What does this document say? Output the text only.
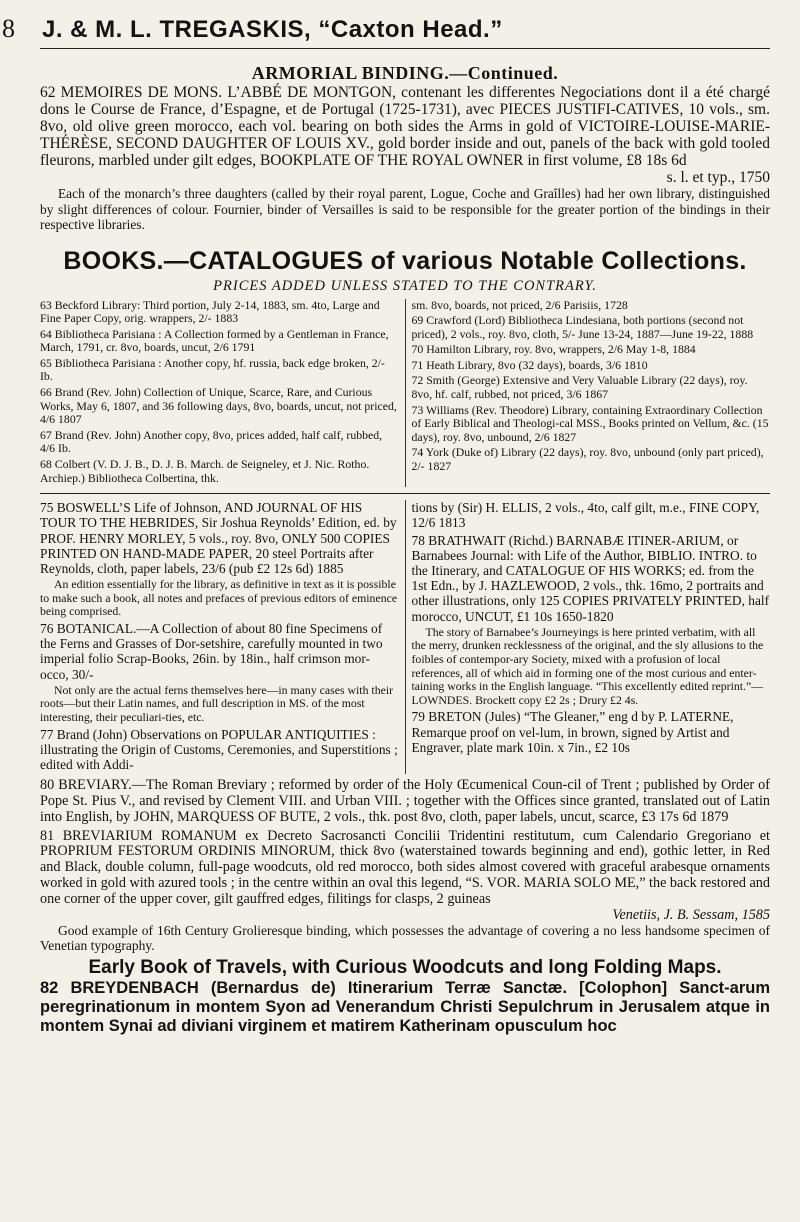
8	J. & M. L. TREGASKIS, “Caxton Head.”
ARMORIAL BINDING.—Continued.

62 MEMOIRES DE MONS. L’ABBÉ DE MONTGON, contenant les differentes Negociations dont il a été chargé dons le Course de France, d’Espagne, et de Portugal (1725-1731), avec PIECES JUSTIFI-CATIVES, 10 vols., sm. 8vo, old olive green morocco, each vol. bearing on both sides the Arms in gold of VICTOIRE-LOUISE-MARIE-THÉRÈSE, SECOND DAUGHTER OF LOUIS XV., gold border inside and out, panels of the back with gold tooled fleurons, marbled under gilt edges, BOOKPLATE OF THE ROYAL OWNER in first volume, £8 18s 6d

s. l. et typ., 1750

Each of the monarch’s three daughters (called by their royal parent, Logue, Coche and Graîlles) had her own library, distinguished by slight differences of colour. Fournier, binder of Versailles is said to be responsible for the greater portion of the bindings in their respective libraries.

BOOKS.—CATALOGUES of various Notable Collections.
PRICES ADDED UNLESS STATED TO THE CONTRARY.

63 Beckford Library: Third portion, July 2-14, 1883, sm. 4to, Large and Fine Paper Copy, orig. wrappers, 2/- 1883

64 Bibliotheca Parisiana : A Collection formed by a Gentleman in France, March, 1791, cr. 8vo, boards, uncut, 2/6 1791

65 Bibliotheca Parisiana : Another copy, hf. russia, back edge broken, 2/- Ib.

66 Brand (Rev. John) Collection of Unique, Scarce, Rare, and Curious Works, May 6, 1807, and 36 following days, 8vo, boards, uncut, not priced, 4/6 1807

67 Brand (Rev. John) Another copy, 8vo, prices added, half calf, rubbed, 4/6 Ib.

68 Colbert (V. D. J. B., D. J. B. March. de Seigneley, et J. Nic. Rotho. Archiep.) Bibliotheca Colbertina, thk.

sm. 8vo, boards, not priced, 2/6 Parisiis, 1728

69 Crawford (Lord) Bibliotheca Lindesiana, both portions (second not priced), 2 vols., roy. 8vo, cloth, 5/- June 13-24, 1887—June 19-22, 1888

70 Hamilton Library, roy. 8vo, wrappers, 2/6 May 1-8, 1884

71 Heath Library, 8vo (32 days), boards, 3/6 1810

72 Smith (George) Extensive and Very Valuable Library (22 days), roy. 8vo, hf. calf, rubbed, not priced, 3/6 1867

73 Williams (Rev. Theodore) Library, containing Extraordinary Collection of Early Biblical and Theologi-cal MSS., Books printed on Vellum, &c. (15 days), roy. 8vo, unbound, 2/6 1827

74 York (Duke of) Library (22 days), roy. 8vo, unbound (only part priced), 2/- 1827

75 BOSWELL’S Life of Johnson, AND JOURNAL OF HIS TOUR TO THE HEBRIDES, Sir Joshua Reynolds’ Edition, ed. by PROF. HENRY MORLEY, 5 vols., roy. 8vo, ONLY 500 COPIES PRINTED ON HAND-MADE PAPER, 20 steel Portraits after Reynolds, cloth, paper labels, 23/6 (pub £2 12s 6d) 1885

An edition essentially for the library, as definitive in text as it is possible to make such a book, all notes and prefaces of previous editors of eminence being comprised.

76 BOTANICAL.—A Collection of about 80 fine Specimens of the Ferns and Grasses of Dor-setshire, carefully mounted in two imperial folio Scrap-Books, 26in. by 18in., half crimson mor-occo, 30/-

Not only are the actual ferns themselves here—in many cases with their roots—but their Latin names, and full description in MS. of the most interesting, their peculiari-ties, etc.

77 Brand (John) Observations on POPULAR ANTIQUITIES : illustrating the Origin of Customs, Ceremonies, and Superstitions ; edited with Addi-

tions by (Sir) H. ELLIS, 2 vols., 4to, calf gilt, m.e., FINE COPY, 12/6 1813

78 BRATHWAIT (Richd.) BARNABÆ ITINER-ARIUM, or Barnabees Journal: with Life of the Author, BIBLIO. INTRO. to the Itinerary, and CATALOGUE OF HIS WORKS; ed. from the 1st Edn., by J. HAZLEWOOD, 2 vols., thk. 16mo, 2 portraits and other illustrations, only 125 COPIES PRIVATELY PRINTED, half morocco, UNCUT, £1 10s 1650-1820

The story of Barnabee’s Journeyings is here printed verbatim, with all the merry, drunken recklessness of the original, and the sly allusions to the foibles of contempor-ary Society, mixed with a profusion of local references, all of which aid in forming one of the most curious and enter-taining works in the English language. “This excellently edited reprint.”—LOWNDES. Brockett copy £2 2s ; Drury £2 4s.

79 BRETON (Jules) “The Gleaner,” eng d by P. LATERNE, Remarque proof on vel-lum, in brown, signed by Artist and Engraver, plate mark 10in. x 7in., £2 10s

80 BREVIARY.—The Roman Breviary ; reformed by order of the Holy Œcumenical Coun-cil of Trent ; published by Order of Pope St. Pius V., and revised by Clement VIII. and Urban VIII. ; together with the Offices since granted, translated out of Latin into English, by JOHN, MARQUESS OF BUTE, 2 vols., thk. post 8vo, cloth, paper labels, uncut, scarce, £3 17s 6d 1879

81 BREVIARIUM ROMANUM ex Decreto Sacrosancti Concilii Tridentini restitutum, cum Calendario Gregoriano et PROPRIUM FESTORUM ORDINIS MINORUM, thick 8vo (waterstained towards beginning and end), gothic letter, in Red and Black, double column, full-page woodcuts, old red morocco, both sides almost covered with graceful arabesque ornaments worked in gold with azured tools ; in the centre within an oval this legend, “S. VOR. MARIA SOLO ME,” the back restored and one corner of the upper cover, gilt gauffred edges, filitings for clasps, 2 guineas

Venetiis, J. B. Sessam, 1585

Good example of 16th Century Grolieresque binding, which possesses the advantage of covering a no less handsome specimen of Venetian typography.

Early Book of Travels, with Curious Woodcuts and long Folding Maps.

82 BREYDENBACH (Bernardus de) Itinerarium Terræ Sanctæ. [Colophon] Sanct-arum peregrinationum in montem Syon ad Venerandum Christi Sepulchrum in Jerusalem atque in montem Synai ad diviani virginem et matirem Katherinam opusculum hoc
